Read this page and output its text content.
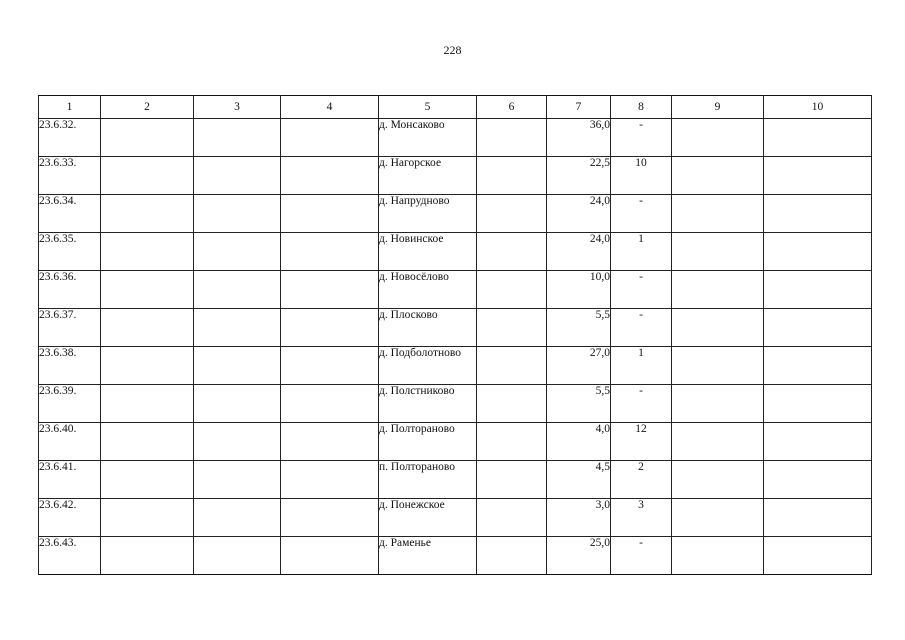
228
1	2	3	4	5	6	7	8	9	10
23.6.32.				д. Монсаково		36,0	-		
23.6.33.				д. Нагорское		22,5	10		
23.6.34.				д. Напрудново		24,0	-		
23.6.35.				д. Новинское		24,0	1		
23.6.36.				д. Новосёлово		10,0	-		
23.6.37.				д. Плосково		5,5	-		
23.6.38.				д. Подболотново		27,0	1		
23.6.39.				д. Полстниково		5,5	-		
23.6.40.				д. Полтораново		4,0	12		
23.6.41.				п. Полтораново		4,5	2		
23.6.42.				д. Понежское		3,0	3		
23.6.43.				д. Раменье		25,0	-		
